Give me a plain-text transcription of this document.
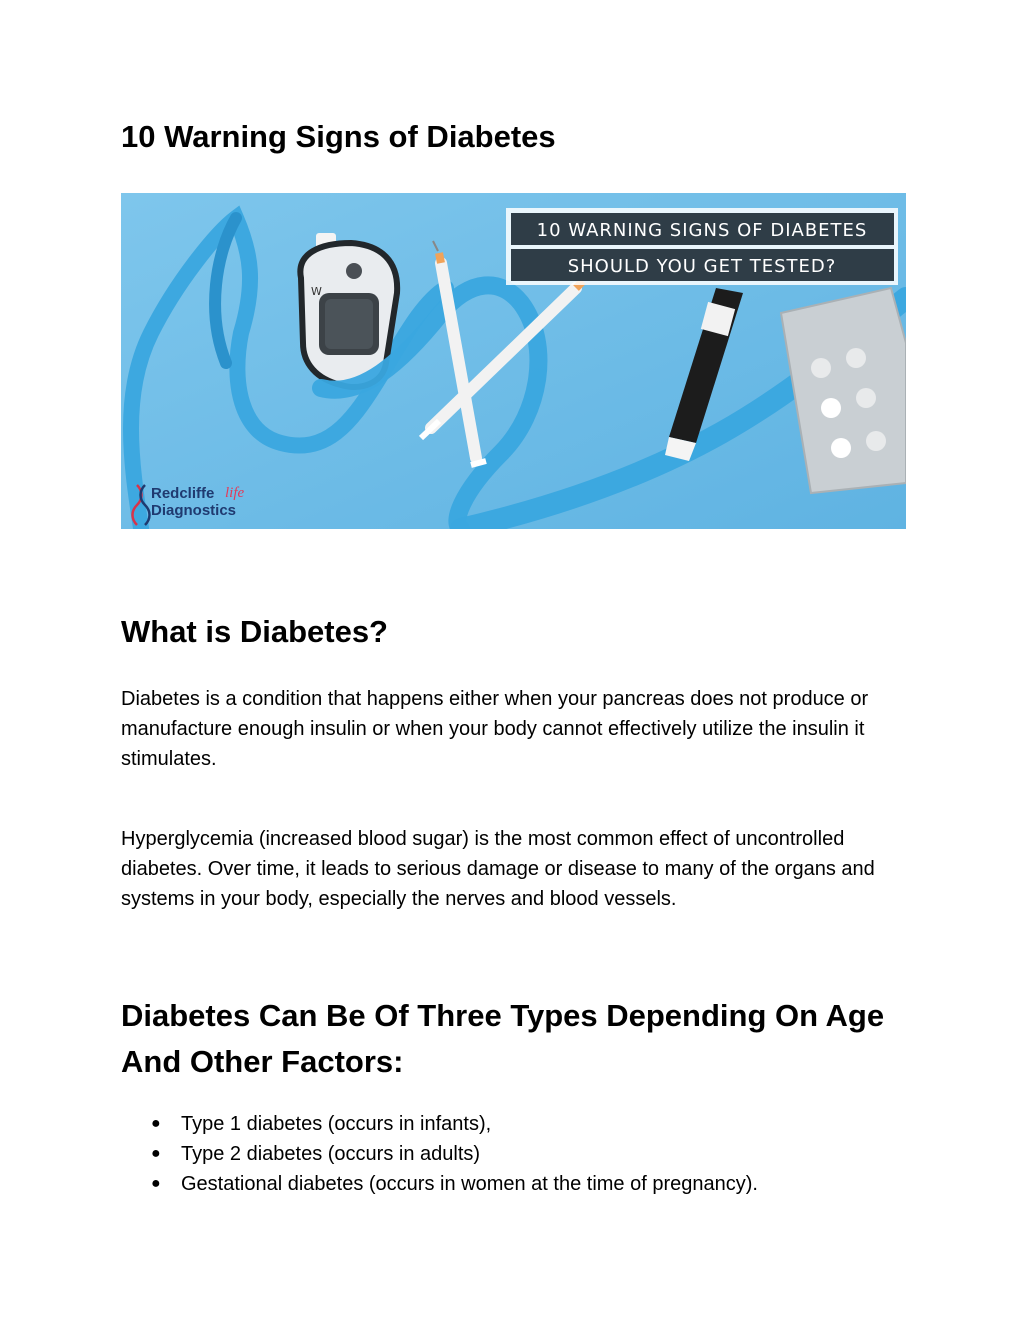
10 Warning Signs of Diabetes
W
10 WARNING SIGNS OF DIABETES
SHOULD YOU GET TESTED?
Redcliffe life
Diagnostics
What is Diabetes?

Diabetes is a condition that happens either when your pancreas does not produce or manufacture enough insulin or when your body cannot effectively utilize the insulin it stimulates.

Hyperglycemia (increased blood sugar) is the most common effect of uncontrolled diabetes. Over time, it leads to serious damage or disease to many of the organs and systems in your body, especially the nerves and blood vessels.

Diabetes Can Be Of Three Types Depending On Age And Other Factors:
● Type 1 diabetes (occurs in infants),
● Type 2 diabetes (occurs in adults)
● Gestational diabetes (occurs in women at the time of pregnancy).
